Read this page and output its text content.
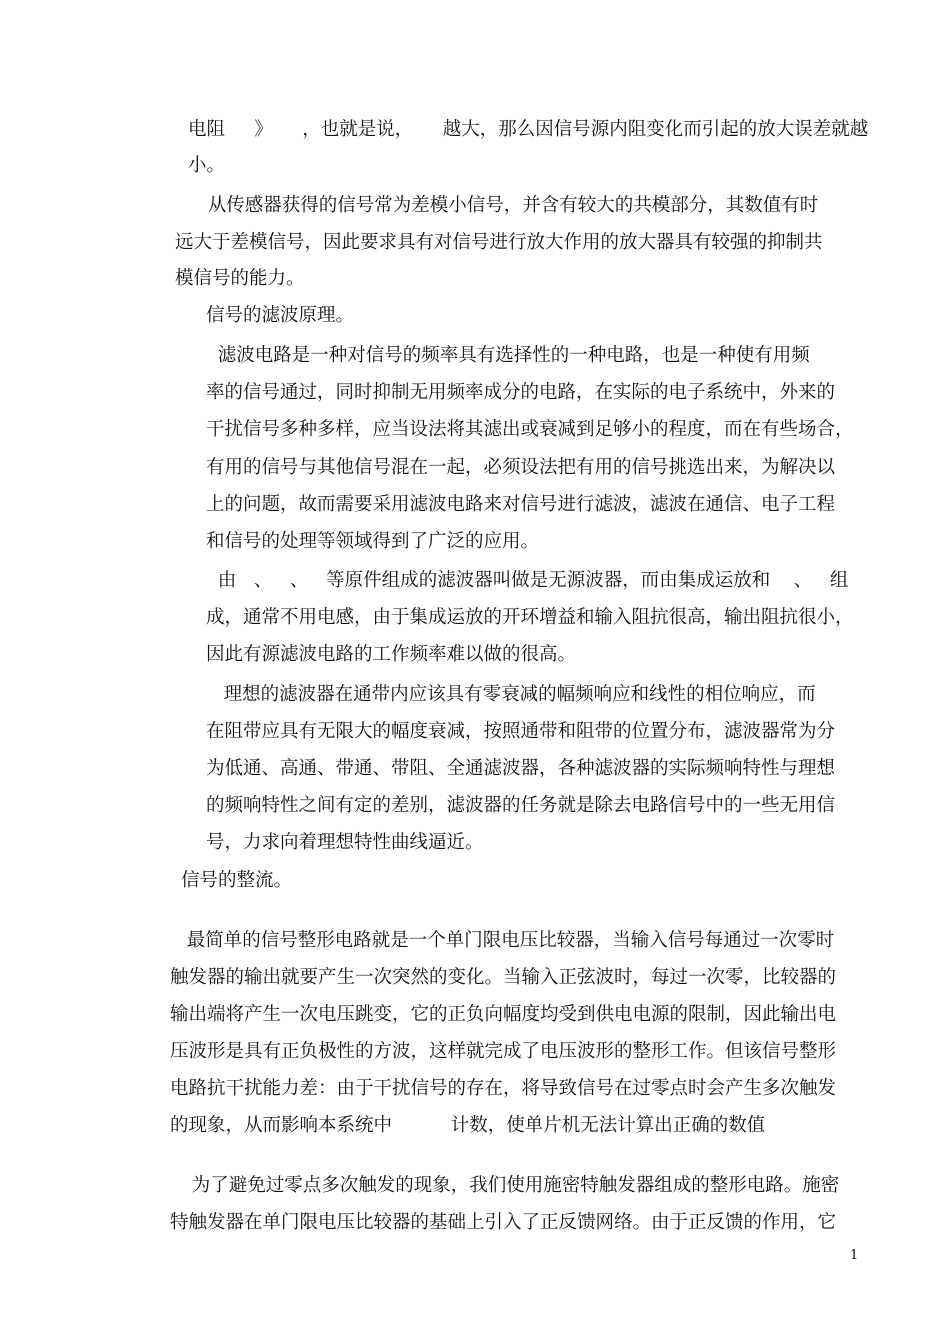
电阻     》     ，也就是说，     越大，那么因信号源内阻变化而引起的放大误差就越
小。
从传感器获得的信号常为差模小信号，并含有较大的共模部分，其数值有时
远大于差模信号，因此要求具有对信号进行放大作用的放大器具有较强的抑制共
模信号的能力。
信号的滤波原理。
滤波电路是一种对信号的频率具有选择性的一种电路，也是一种使有用频
率的信号通过，同时抑制无用频率成分的电路，在实际的电子系统中，外来的
干扰信号多种多样，应当设法将其滤出或衰减到足够小的程度，而在有些场合，
有用的信号与其他信号混在一起，必须设法把有用的信号挑选出来，为解决以
上的问题，故而需要采用滤波电路来对信号进行滤波，滤波在通信、电子工程
和信号的处理等领域得到了广泛的应用。
由   、   、   等原件组成的滤波器叫做是无源波器，而由集成运放和    、   组
成，通常不用电感，由于集成运放的开环增益和输入阻抗很高，输出阻抗很小，
因此有源滤波电路的工作频率难以做的很高。
理想的滤波器在通带内应该具有零衰减的幅频响应和线性的相位响应，而
在阻带应具有无限大的幅度衰减，按照通带和阻带的位置分布，滤波器常为分
为低通、高通、带通、带阻、全通滤波器，各种滤波器的实际频响特性与理想
的频响特性之间有定的差别，滤波器的任务就是除去电路信号中的一些无用信
号，力求向着理想特性曲线逼近。
信号的整流。
最简单的信号整形电路就是一个单门限电压比较器，当输入信号每通过一次零时
触发器的输出就要产生一次突然的变化。当输入正弦波时，每过一次零，比较器的
输出端将产生一次电压跳变，它的正负向幅度均受到供电电源的限制，因此输出电
压波形是具有正负极性的方波，这样就完成了电压波形的整形工作。但该信号整形
电路抗干扰能力差：由于干扰信号的存在，将导致信号在过零点时会产生多次触发
的现象，从而影响本系统中          计数，使单片机无法计算出正确的数值
为了避免过零点多次触发的现象，我们使用施密特触发器组成的整形电路。施密
特触发器在单门限电压比较器的基础上引入了正反馈网络。由于正反馈的作用，它
1
